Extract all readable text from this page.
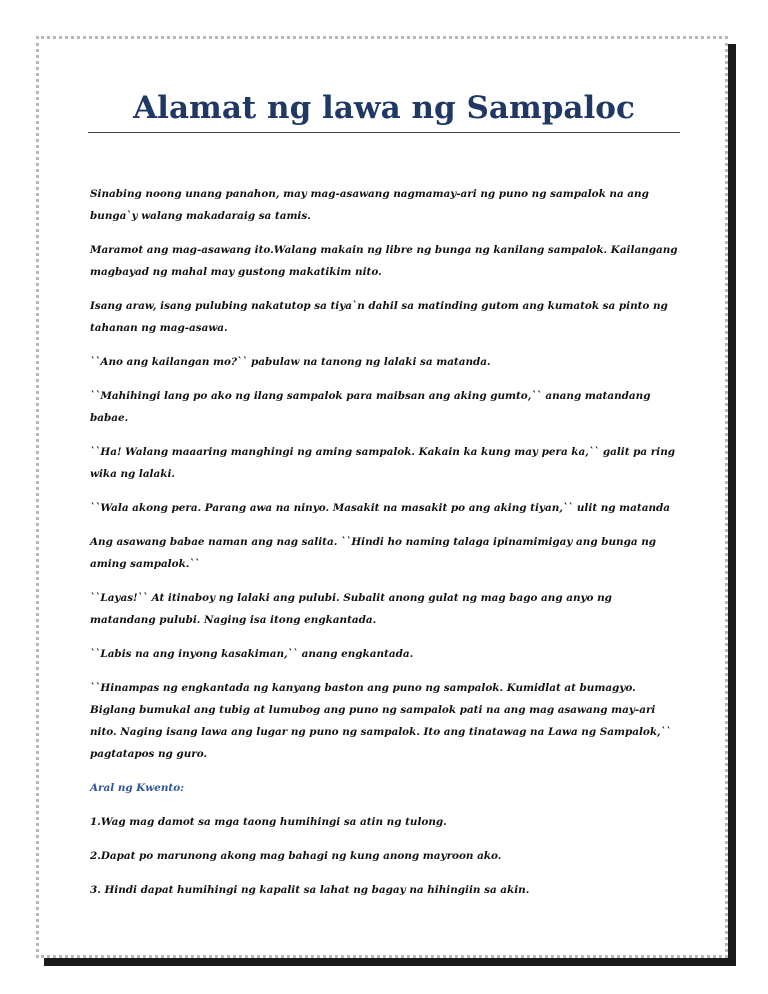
Alamat ng lawa ng Sampaloc

Sinabing noong unang panahon, may mag-asawang nagmamay-ari ng puno ng sampalok na ang bunga`y walang makadaraig sa tamis.

Maramot ang mag-asawang ito.Walang makain ng libre ng bunga ng kanilang sampalok. Kailangang magbayad ng mahal may gustong makatikim nito.

Isang araw, isang pulubing nakatutop sa tiya`n dahil sa matinding gutom ang kumatok sa pinto ng tahanan ng mag-asawa.

``Ano ang kailangan mo?`` pabulaw na tanong ng lalaki sa matanda.

``Mahihingi lang po ako ng ilang sampalok para maibsan ang aking gumto,`` anang matandang babae.

``Ha! Walang maaaring manghingi ng aming sampalok. Kakain ka kung may pera ka,`` galit pa ring wika ng lalaki.

``Wala akong pera. Parang awa na ninyo. Masakit na masakit po ang aking tiyan,`` ulit ng matanda

Ang asawang babae naman ang nag salita. ``Hindi ho naming talaga ipinamimigay ang bunga ng aming sampalok.``

``Layas!`` At itinaboy ng lalaki ang pulubi. Subalit anong gulat ng mag bago ang anyo ng matandang pulubi. Naging isa itong engkantada.

``Labis na ang inyong kasakiman,`` anang engkantada.

``Hinampas ng engkantada ng kanyang baston ang puno ng sampalok. Kumidlat at bumagyo. Biglang bumukal ang tubig at lumubog ang puno ng sampalok pati na ang mag asawang may-ari nito. Naging isang lawa ang lugar ng puno ng sampalok. Ito ang tinatawag na Lawa ng Sampalok,`` pagtatapos ng guro.

Aral ng Kwento:

1.Wag mag damot sa mga taong humihingi sa atin ng tulong.

2.Dapat po marunong akong mag bahagi ng kung anong mayroon ako.

3. Hindi dapat humihingi ng kapalit sa lahat ng bagay na hihingiin sa akin.
